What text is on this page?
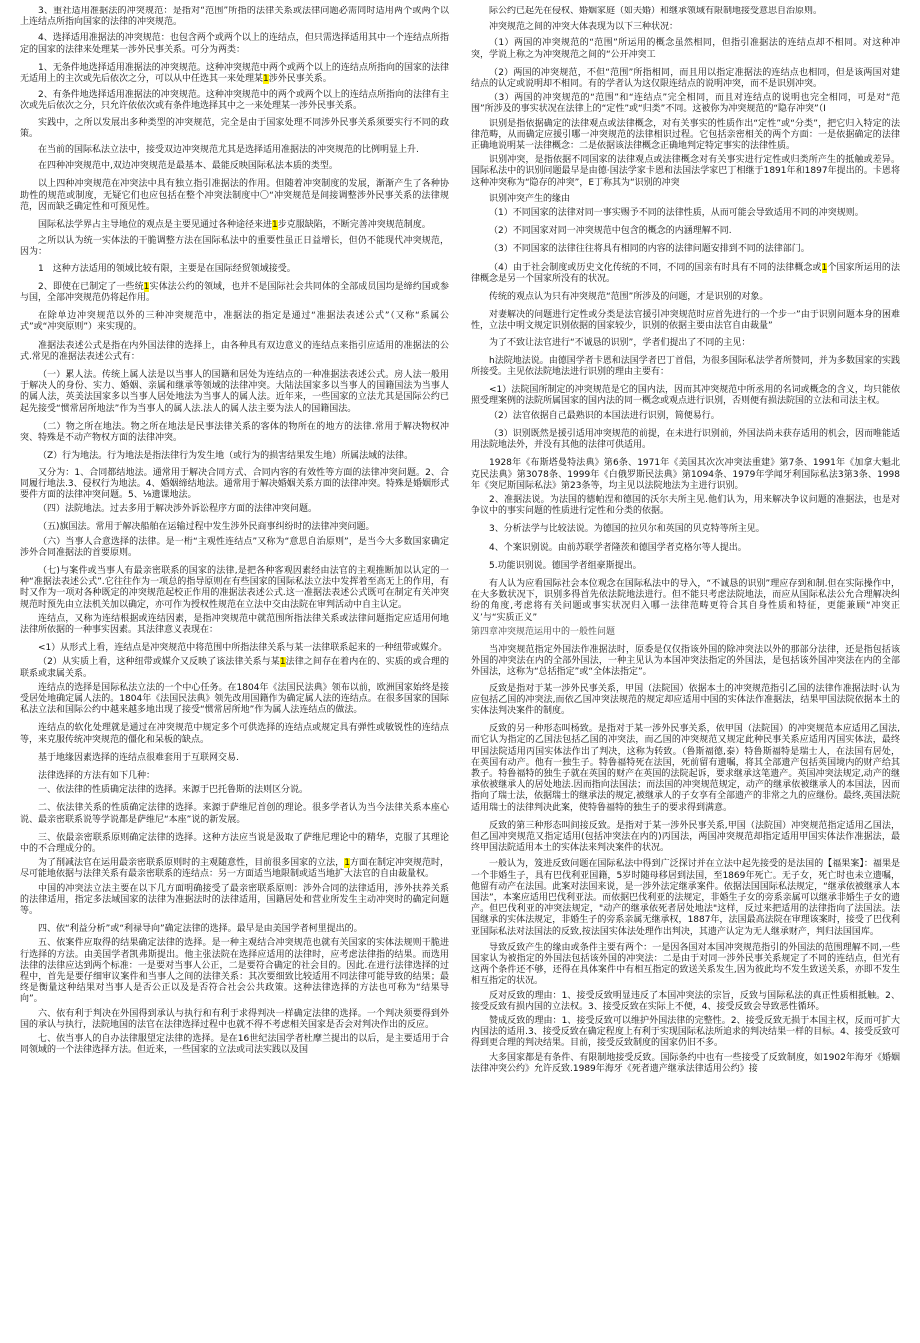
3、重社适用准据法的冲突规范：是指对“范围”所指的法律关系或法律问题必需同时适用两个或两个以上连结点所指向国家的法律的冲突规范。

4、选择适用准据法的冲突规范：也包含两个或两个以上的连结点，但只需选择适用其中一个连结点所指定的国家的法律来处理某一涉外民事关系。可分为两类：

1、无条件地选择适用准据法的冲突规范。这种冲突规范中两个或两个以上的连结点所指向的国家的法律无适用上的主次或先后依次之分，可以从中任选其一来处理某1涉外民事关系。

2、有条件地选择适用准据法的冲突规范。这种冲突规范中的两个或两个以上的连结点所指向的法律有主次或先后依次之分，只允许依依次或有条件地选择其中之一来处理某一涉外民事关系。

实践中，之所以发展出多种类型的冲突规范，完全是由于国家处理不同涉外民事关系须要实行不同的政策。

在当前的国际私法立法中，接受双边冲突规范尤其是选择适用准据法的冲突规范的比例明显上升.

在四种冲突规范中,双边冲突规范是最基本、最能反映国际私法本质的类型。

以上四种冲突规范在冲突法中具有独立指引准据法的作用。但随着冲突制度的发展，渐渐产生了各种协助性的规范或制度，无疑它们也应包括在整个冲突法制度中〇“冲突规范是间接调整涉外民事关系的法律规范，因而缺乏确定性和可预见性。

国际私法学界占主导地位的观点是主要见通过各种途径来进1步克服缺陷，不断完善冲突规范制度。

之所以认为统一实体法的干脆调整方法在国际私法中的重要性虽正日益增长，但仍不能现代冲突规范，因为：

1　这种方法适用的领域比较有限，主要是在国际经贸领域接受。

2、即使在已制定了一些统1实体法公约的领域，也并不是国际社会共同体的全部成员国均是缔约国或参与国，全部冲突规范仍将起作用。

在除单边冲突规范以外的三种冲突规范中，准据法的指定是通过“准据法表述公式”（又称“系属公式”或“冲突原则”）来实现的。

准据法表述公式是指在内外国法律的选择上，由各种具有双边意义的连结点来指引应适用的准据法的公式.常见的准据法表述公式有：

（一）累人法。传统上属人法是以当事人的国籍和居处为连结点的一种准据法表述公式。房人法一般用于解决人的身份、实力、婚姻、亲属和继承等领域的法律冲突。大陆法国家多以当事人的国籍国法为当事人的属人法，英美法国家多以当事人居处地法为当事人的属人法。近年来，一些国家的立法尤其是国际公约已起先接受“惯常居所地法”作为当事人的属人法.法人的属人法主要为法人的国籍国法。

（二）物之所在地法。物之所在地法是民事法律关系的客体的物所在的地方的法律.常用于解决物权冲突、特殊是不动产物权方面的法律冲突。

（Z）行为地法。行为地法是指法律行为发生地（或行为的损害结果发生地）所属法域的法律。

又分为：1、合同都结地法。通常用于解决合同方式、合同内容的有效性等方面的法律冲突问题。2、合同履行地法.3、侵权行为地法。4、婚姻缔结地法。通常用于解决婚姻关系方面的法律冲突。特殊是婚姻形式要件方面的法律冲突问题。5、⅛遗课地法。

（四）法院地法。过去多用于解决涉外诉讼程序方面的法律冲突问题。

（五)旗国法。常用于解决船舶在运输过程中发生涉外民商事纠纷时的法律冲突问题。

（六）当事人合意选择的法律。是一桁“主观性连结点”又称为“意思自治原则”，是当今大多数国家确定涉外合同准据法的首要原则。

（七)与案件或当事人有最亲密联系的国家的法律,是把各种客观因素经由法官的主观推断加以认定的一种“准据法表述公式”.它往往作为一项总的指导原则在有些国家的国际私法立法中发挥着至高无上的作用，有时又作为一项对各种既定的冲突规范起校正作用的准据法表述公式.这一准据法表述公式既可在制定有关冲突规范时预先由立法机关加以确定，亦可作为授权性规范在立法中交由法院在审判活动中自主认定。

连结点，又称为连结根据或连结因素，是指冲突规范中就范围所指法律关系或法律问题指定应适用何地法律所依据的一种事实因素。其法律意义表现在：

<1）从形式上看，连结点是冲突规范中将范围中所指法律关系与某一法律联系起来的一种纽带或媒介。

（2）从实质上看，这种纽带或媒介又反映了该法律关系与某1法律之间存在着内在的、实质的或合理的联系或隶属关系。

连结点的选择是国际私法立法的一个中心任务。在1804年《法国民法典》领布以前，欧洲国家始终是接受居处地确定属人法的。1804年《法国民法典》领先改用国籍作为确定属人法的连结点。在很多国家的国际私法立法和国际公约中越来越多地出现了接受“惯常居所地”作为属人法连结点的做法。

连结点的软化处理就是通过在冲突规范中规定多个可供选择的连结点或规定具有弹性或敏锐性的连结点等，来克服传统冲突规范的僵化和呆板的缺点。

基于地缘因素选择的连结点很难套用于互联网交易.

法律选择的方法有如下几种：

一、依法律的性质确定法律的选择。来源于巴托鲁斯的法则区分说。

二、依法律关系的性质确定法律的选择。来源于萨维尼首创的理论。很多学者认为当今法律关系本座心说、最亲密联系说等学说都是萨维尼“本座”说的新发展。

三、依最亲密联系原则确定法律的选择。这种方法应当说是汲取了萨维尼理论中的精华，克服了其理论中的不合理成分的。

为了削减法官在运用最亲密联系原则时的主观随意性，目前很多国家的立法，1方面在制定冲突规范时，尽可能地依据与法律关系有最亲密联系的连结点：另一方面适当地限制或适当地扩大法官的自由裁量权。

中国的冲突法立法主要在以下几方面明确接受了最亲密联系原则：涉外合同的法律适用，涉外扶养关系的法律适用，指定多法域国家的法律为准据法时的法律适用，国籍居处和营业所发生主动冲突时的确定问题等。

四、依“利益分析”或“利禄导向”确定法律的选择。最早是由美国学者柯里提出的。

五、依案件应取得的结果确定法律的选择。是一种主观结合冲突规范也就有关国家的实体法规则干脆进行选择的方法。由美国学者凯弗斯提出。他主张法院在选择应适用的法律时，应考虑法律指的结果。而选用法律的法律应达到两个标准：一是要对当事人公正，二是要符合确定的社会目的。因此.在进行法律选择的过程中，首先是要仔细审议案件和当事人之间的法律关系：其次要细致比较适用不同法律可能导致的结果；最终是衡量这种结果对当事人是否公正以及是否符合社会公共政策。这种法律选择的方法也可称为“结果导向”。

六、依有利于判决在外国得到承认与执行和有利于求得判决一样确定法律的选择。一个判决须要得到外国的承认与执行，法院地国的法官在法律选择过程中也就不得不考虑相关国家是否会对判决作出的反应。

七、依当事人的自办法律服望定法律的选择。是在16世纪法国学者杜摩兰提出的以后，是主要适用于合同领域的一个法律选择方法。但近来，一些国家的立法或司法实践以及国

际公约已起先在侵权、婚姻家庭（如夫婚）和继承领域有限制地接受意思自治原则。

冲突规范之间的冲突大体表现为以下三种状况：

（1）两国的冲突规范的“范围”所运用的概念虽然相同，但指引准据法的连结点却不相同。对这种冲突，学说上称之为冲突规范之间的“公开冲突工

（2）两国的冲突规范，不但“范围”所指相同，而且用以指定准据法的连结点也相同，但是该两国对建结点的认定或说明却不相同。有的学者认为这仅限连结点的说明冲突，而不是识别冲突。

（3）两国的冲突规范的“范围”和“连结点”完全相同，而且对连结点的说明也完全相同，可是对“范围”所涉及的事实状况在法律上的“定性”或“归类”不同。这被你为冲突规范的“隐存冲突”（I

识别是指依据确定的法律观点或法律概念，对有关事实的性质作出“定性”或“分类”，把它归入特定的法律范畴，从而确定应援引哪一冲突规范的法律相识过程。它包括亲密相关的两个方面：一是依据确定的法律正确地说明某一法律概念：二是依据该法律概念正确地判定特定事实的法律性质。

识别冲突，是指依据不同国家的法律观点或法律概念对有关事实进行定性或归类所产生的抵触或差异。国际私法中的识别问题最早是由德·国法学家卡恩和法国法学家巴丁相继于1891年和1897年提出的。卡恩将这种冲突称为“隐存的冲突”，E丁称其为“识别的冲突

识别冲突产生的缘由

（1）不同国家的法律对同一事实赐予不同的法律性质，从而可能会导致适用不同的冲突规则。

（2）不同国家对同一冲突规范中包含的概念的内涵理解不同.

（3）不同国家的法律往往将具有相同的内容的法律问题安排到不同的法律部门。

（4）由于社会制度或历史文化传统的不同，不同的国亲有时具有不同的法律概念或1个国家所运用的法律概念是另一个国家所没有的状况。

传统的观点认为只有冲突规范“范围”所涉及的问题，才是识别的对象。

对妻解决的问题进行定性或分类是法官援引冲突规范时应首先进行的一个步一”由于识别问题本身的困难性，立法中明文规定识别依据的国家较少，识别的依据主要由法官自由裁量”

为了不致让法官进行“不诚恳的识别”，学者们提出了不同的主见：

h法院地法说。由德国学者卡恩和法国学者巴丁首倡，为很多国际私法学者所赞同，并为多数国家的实践所接受。主见依法院地法进行识别的理由主要有：

<1）法院国所制定的冲突规范是它的国内法，因而其冲突规范中所丞用的名词或概念的含义，均只能依照受理案例的法院所属国家的国内法的同一概念或观点进行识别，否则便有损法院国的立法和司法主权。

（2）法官依据自己最熟识的本国法进行识别，简便易行。

（3）识别既然是援引适用冲突规范的前提，在未进行识别前，外国法尚未获存适用的机会，因而唯能适用法院地法外，并没有其他的法律可供适用。

1928年《布斯塔曼特法典》第6条、1971年《美国其次次冲突法重建》第7条、1991年《加拿大魁北克民法典》第3078条、1999年《白俄罗斯民法典》第1094条、1979年学闻牙利国际私法3第3条、1998年《突尼斯国际私法》第23条等，均主见以法院地法为主进行识别。

2、准据法说。为法国的德帕涅和德国的沃尔夫所主见.他们认为，用来解决争议问题的准据法，也是对争议中的事实问题的性质进行定性和分类的依据。

3、分析法学与比较法说。为德国的拉贝尔和英国的贝克特等所主见。

4、个案识别说。由前苏联学者隆茨和德国学者克格尔等人提出。

5.功能识别说。德国学者组豪斯提出。

有人认为应看国际社会本位观念在国际私法中的导入，“不诚恳的识别”理应存到和制.但在实际操作中，在大多数状况下，识别多得首先依法院地法进行。但不能只考虑法院地法，而应从国际私法公允合理解决纠纷的角度,考虑将有关问题或事实状况归入哪一法律范畴更符合其自身性质和特征，更能兼顾“冲突正义’与“实质正义”

第四章冲突规范运用中的一般性问题

当冲突规范指定外国法作准据法时，原委是仅仅指该外国的除冲突法以外的那部分法律，还是指包括该外国的冲突法在内的全部外国法，一种主见认为本国冲突法指定的外国法，是包括该外国冲突法在内的全部外国法，这称为“总括指定”或“全体法指定”。

反致是指对于某一涉外民事关系，甲国（法院国）依据本土的冲突规范指引乙国的法律作准据法时·认为应包括乙国的冲突法,而依乙国冲突法规范的规定却应适用中国的实体法作准据法，结果甲国法院依据本土的实体法判决案件的制度。

反致的另一种形态叫杨致。是指对于某一涉外民事关系，依甲国（法院国）的冲突规范本应适用乙国法,而它认为指定的乙国法包括乙国的冲突法，而乙国的冲突规范又规定此种民事关系应适用丙国实体法，最终甲国法院适用丙国实体法作出了判决，这称为转致。（鲁斯福德,泰）特鲁斯福特是瑞士人，在法国有居处，在英国有动产。他有一独生子。特鲁福特死在法国，死前留有遗嘱，将其全部遗产包括英国境内的财产给其教子。特鲁福特的独生子就在英国的财产在英国的法院起诉，要求继承这笔遗产。英国冲突法规定,动产的继承依被继承人的居处地法.因而指向法国法；而法国的冲突规范规定，动产的继承依被继承人的本国法，因而指向了瑞士法，依据瑞士的继承法的规定,被继承人的子女享有全部遗产的非常之九的应继份。最终,英国法院适用瑞士的法律判决此案，使特鲁福特的独生子的要求得到满意。

反致的第三种形态叫间接反致。是指对于某一涉外民事关系,甲国（法院国）冲突规范指定适用乙国法，但乙国冲突规范又指定适用(包括冲突法在内的)丙国法，两国冲突规范却指定适用甲国实体法作准据法，最终甲国法院适用本土的实体法来判决案件的状况。

一般认为，笈进反致问题在国际私法中得到广泛探讨并在立法中起先接受的是法国的【福果案】：福果是一个非婚生子，具有巴伐利亚国籍，5岁时随母移居到法国，至1869年死亡。无子女，死亡时也未立遗嘱，他留有动产在法国。此案对法国来说，是一涉外法定继承案件。依据法国国际私法规定，“继承依被继承人本国法”，本案应适用巴伐利亚法。而依据巴伐利亚的法规定，非婚生子女的旁系亲属可以继承非婚生子女的遗产。但巴伐利亚的冲突法规定，"动产的继承依死者居处地法"这样，反过来把适用的法律指向了法国法。法国继承的实体法规定，非婚生子的旁系亲属无继承权，1887年，法国最高法院在审理该案时，接受了巴伐利亚国际私法对法国法的反致,按法国实体法处理作出判决，其遗产认定为无人继承财产，判归法国国库。

导致反致产生的缘由或条件主要有两个：一是因各国对本国冲突规范指引的外国法的范围理解不同,一些国家认为被指定的外国法包括该外国的冲突法：二是由于对同一涉外民事关系规定了不同的连结点，但光有这两个条件还不够，还得在具体案件中有相互指定的致送关系发生,因为彼此均不发生致送关系，亦即不发生相互指定的状况。

反对反致的理由：1、接受反致明显违反了本国冲突法的宗旨，反致与国际私法的真正性质相抵触。2、接受反致有损内国的立法权。3、接受反致在实际上不便，4、接受反致会导致恶性循环。

赞成反致的理由：1、接受反致可以维护外国法律的完整性。2、接受反致无损于本国主权，反而可扩大内国法的适用.3、接受反致在确定程度上有利于实现国际私法所追求的判决结果一样的目标。4、接受反致可得到更合理的判决结果。目前，接受反致制度的国家仍旧不多。

大多国家都是有条件、有限制地接受反致。国际条约中也有一些接受了反致制度，如1902年海牙《婚姻法律冲突公约》允许反致.1989年海牙《死者遗产继承法律适用公约》接
